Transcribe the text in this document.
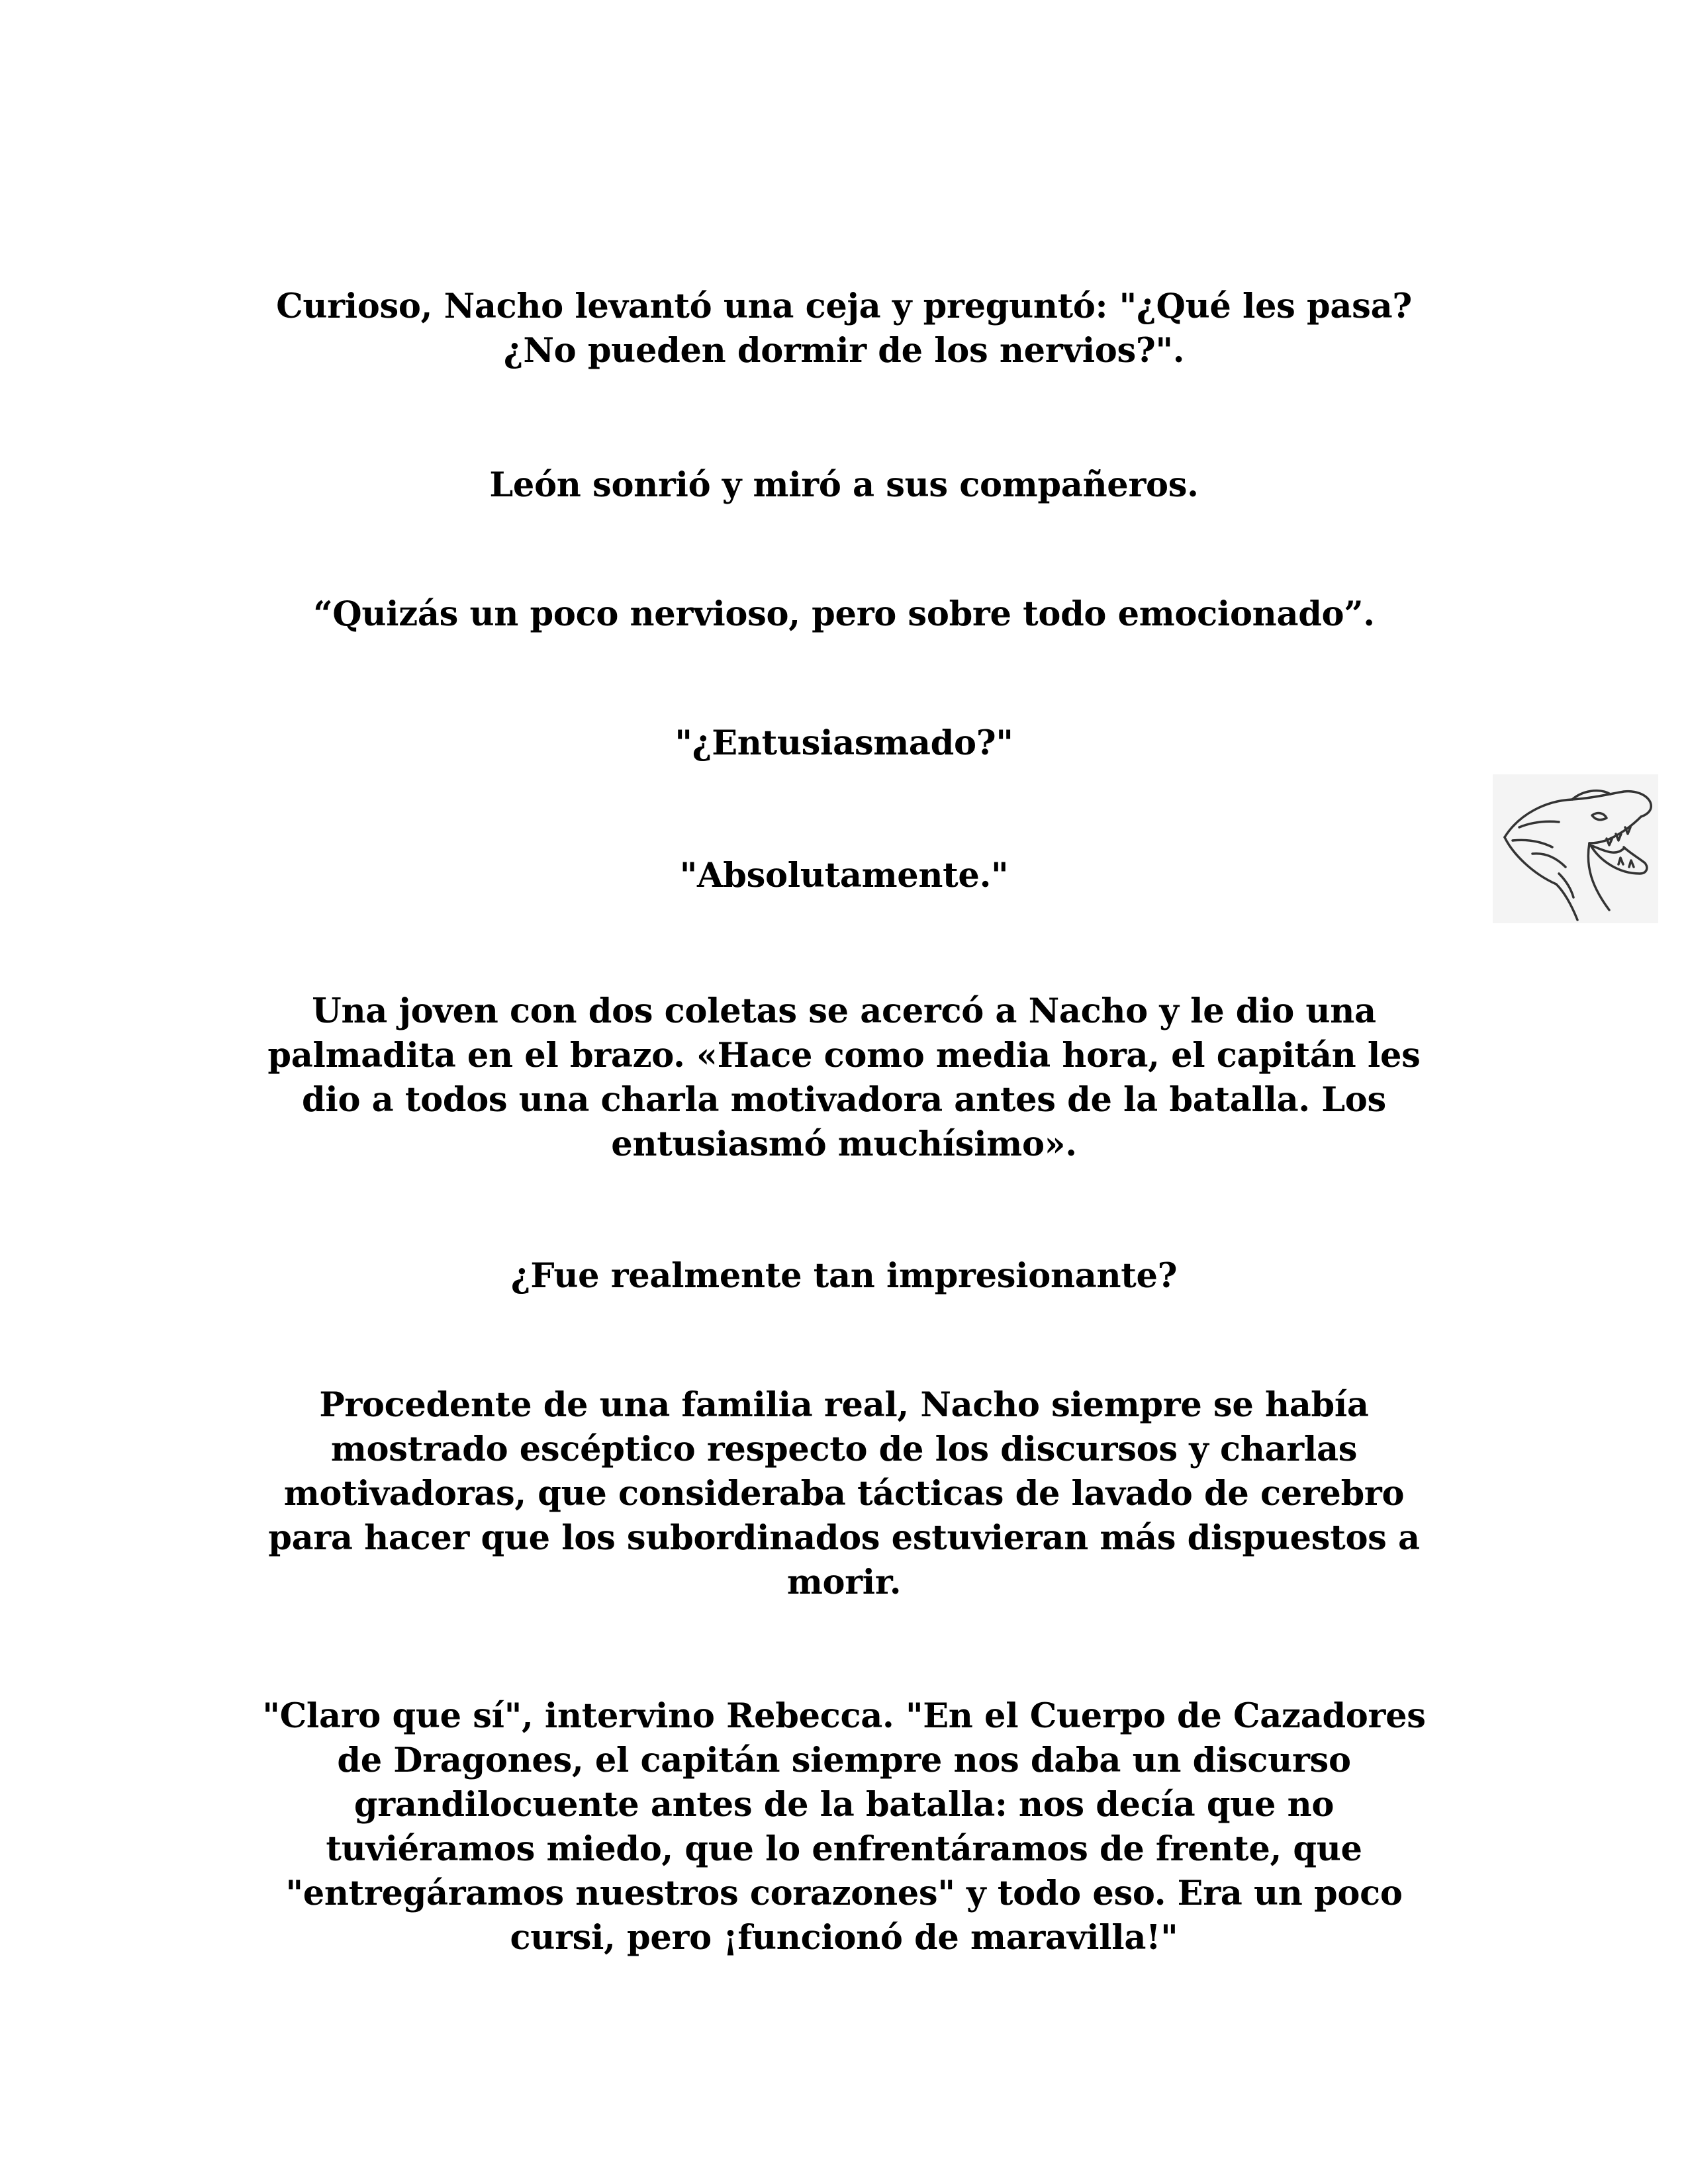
Curioso, Nacho levantó una ceja y preguntó: "¿Qué les pasa?
¿No pueden dormir de los nervios?".

León sonrió y miró a sus compañeros.

“Quizás un poco nervioso, pero sobre todo emocionado”.

"¿Entusiasmado?"

"Absolutamente."

Una joven con dos coletas se acercó a Nacho y le dio una
palmadita en el brazo. «Hace como media hora, el capitán les
dio a todos una charla motivadora antes de la batalla. Los
entusiasmó muchísimo».

¿Fue realmente tan impresionante?

Procedente de una familia real, Nacho siempre se había
mostrado escéptico respecto de los discursos y charlas
motivadoras, que consideraba tácticas de lavado de cerebro
para hacer que los subordinados estuvieran más dispuestos a
morir.

"Claro que sí", intervino Rebecca. "En el Cuerpo de Cazadores
de Dragones, el capitán siempre nos daba un discurso
grandilocuente antes de la batalla: nos decía que no
tuviéramos miedo, que lo enfrentáramos de frente, que
"entregáramos nuestros corazones" y todo eso. Era un poco
cursi, pero ¡funcionó de maravilla!"
